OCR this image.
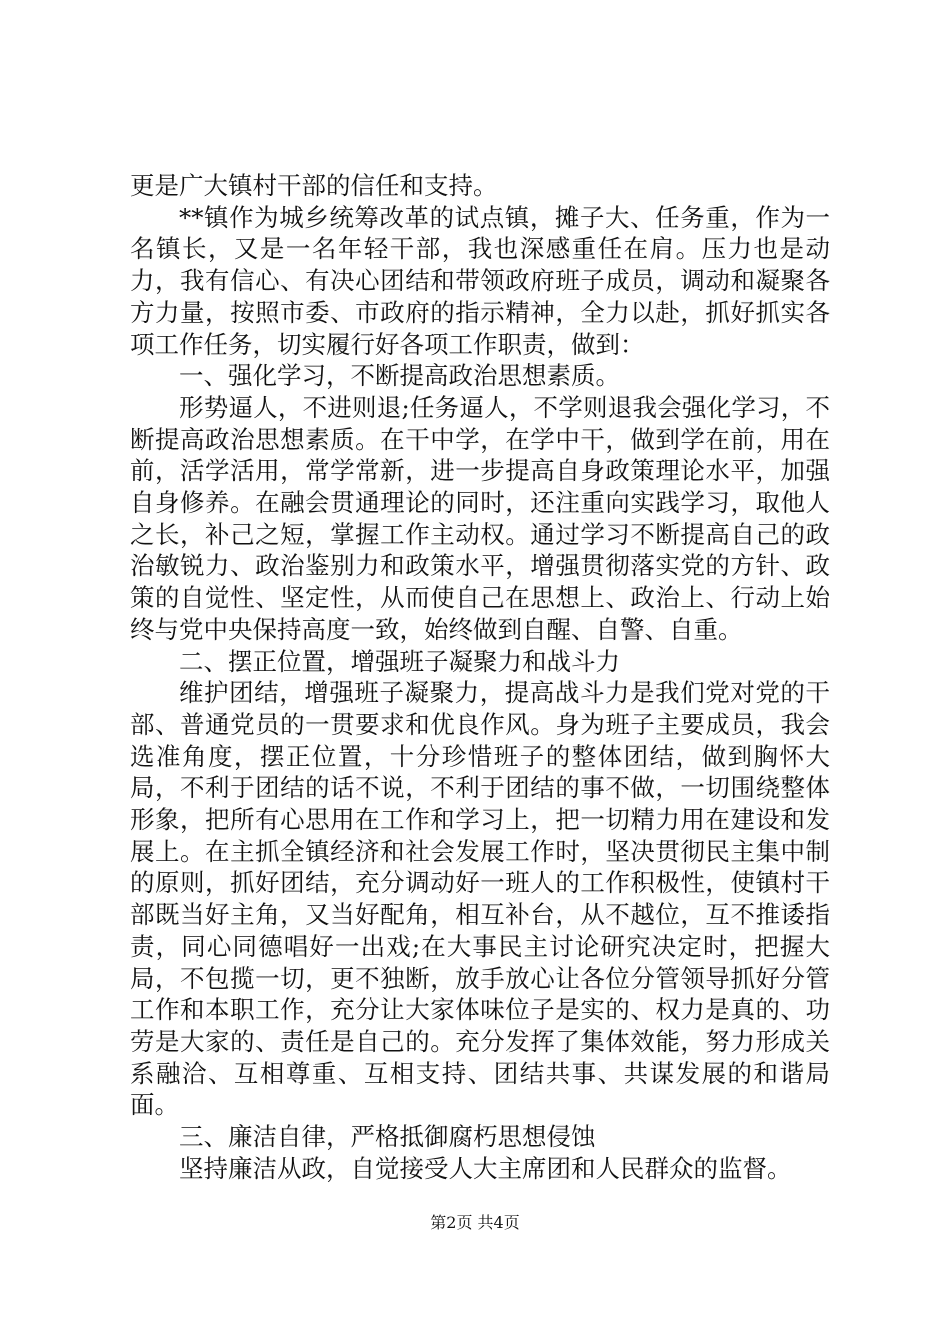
更是广大镇村干部的信任和支持。

**镇作为城乡统筹改革的试点镇，摊子大、任务重，作为一名镇长，又是一名年轻干部，我也深感重任在肩。压力也是动力，我有信心、有决心团结和带领政府班子成员，调动和凝聚各方力量，按照市委、市政府的指示精神，全力以赴，抓好抓实各项工作任务，切实履行好各项工作职责，做到：

一、强化学习，不断提高政治思想素质。

形势逼人，不进则退;任务逼人，不学则退我会强化学习，不断提高政治思想素质。在干中学，在学中干，做到学在前，用在前，活学活用，常学常新，进一步提高自身政策理论水平，加强自身修养。在融会贯通理论的同时，还注重向实践学习，取他人之长，补己之短，掌握工作主动权。通过学习不断提高自己的政治敏锐力、政治鉴别力和政策水平，增强贯彻落实党的方针、政策的自觉性、坚定性，从而使自己在思想上、政治上、行动上始终与党中央保持高度一致，始终做到自醒、自警、自重。

二、摆正位置，增强班子凝聚力和战斗力

维护团结，增强班子凝聚力，提高战斗力是我们党对党的干部、普通党员的一贯要求和优良作风。身为班子主要成员，我会选准角度，摆正位置，十分珍惜班子的整体团结，做到胸怀大局，不利于团结的话不说，不利于团结的事不做，一切围绕整体形象，把所有心思用在工作和学习上，把一切精力用在建设和发展上。在主抓全镇经济和社会发展工作时，坚决贯彻民主集中制的原则，抓好团结，充分调动好一班人的工作积极性，使镇村干部既当好主角，又当好配角，相互补台，从不越位，互不推诿指责，同心同德唱好一出戏;在大事民主讨论研究决定时，把握大局，不包揽一切，更不独断，放手放心让各位分管领导抓好分管工作和本职工作，充分让大家体味位子是实的、权力是真的、功劳是大家的、责任是自己的。充分发挥了集体效能，努力形成关系融洽、互相尊重、互相支持、团结共事、共谋发展的和谐局面。

三、廉洁自律，严格抵御腐朽思想侵蚀

坚持廉洁从政，自觉接受人大主席团和人民群众的监督。

第2页 共4页
